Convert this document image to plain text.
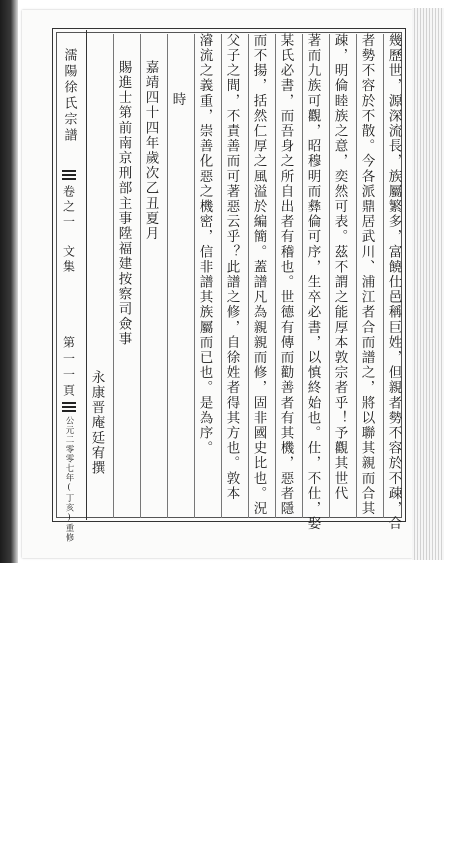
濡陽徐氏宗譜
卷之一　文集
第一一頁
公元二零零七年(丁亥)重修	幾歷世，源深流長，族屬繁多，富饒仕邑稱巨姓，但親者勢不容於不疎，合
者勢不容於不散。今各派鼎居武川、浦江者合而譜之，將以聯其親而合其
疎，明倫睦族之意，奕然可表。茲不謂之能厚本敦宗者乎！予觀其世代
著而九族可觀，昭穆明而彝倫可序，生卒必書，以慎終始也。仕，不仕，娶
某氏必書，而吾身之所自出者有稽也。世德有傳而勸善者有其機，惡者隱
而不揚，括然仁厚之風溢於編簡。蓋譜凡為親親而修，固非國史比也。況
父子之間，不責善而可著惡云乎？此譜之修，自徐姓者得其方也。敦本
濬流之義重，崇善化惡之機密，信非譜其族屬而已也。是為序。
時
嘉靖四十四年歲次乙丑夏月
賜進士第前南京刑部主事陞福建按察司僉事
永康晋庵廷宥撰
